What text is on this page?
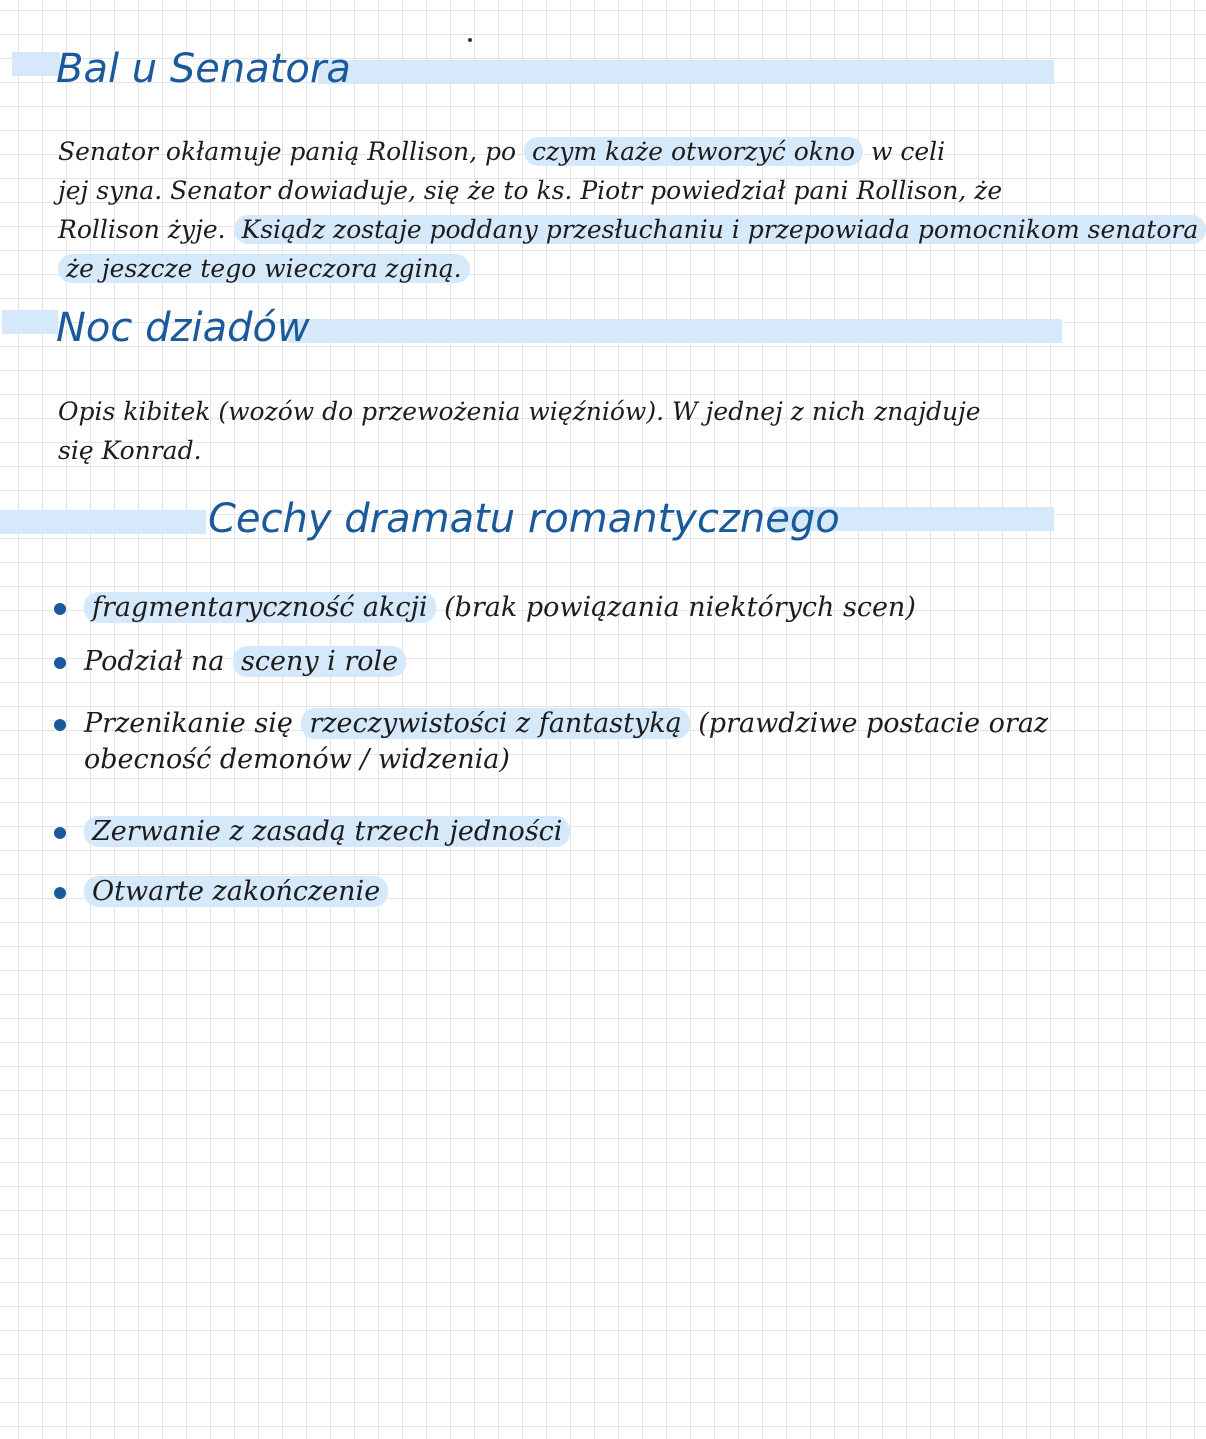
Bal u Senatora
Senator okłamuje panią Rollison, po czym każe otworzyć okno w celi
jej syna. Senator dowiaduje, się że to ks. Piotr powiedział pani Rollison, że
Rollison żyje. Ksiądz zostaje poddany przesłuchaniu i przepowiada pomocnikom senatora
że jeszcze tego wieczora zginą.
Noc dziadów
Opis kibitek (wozów do przewożenia więźniów). W jednej z nich znajduje
się Konrad.
Cechy dramatu romantycznego
fragmentaryczność akcji (brak powiązania niektórych scen)
Podział na sceny i role
Przenikanie się rzeczywistości z fantastyką (prawdziwe postacie oraz
obecność demonów / widzenia)
Zerwanie z zasadą trzech jedności
Otwarte zakończenie
